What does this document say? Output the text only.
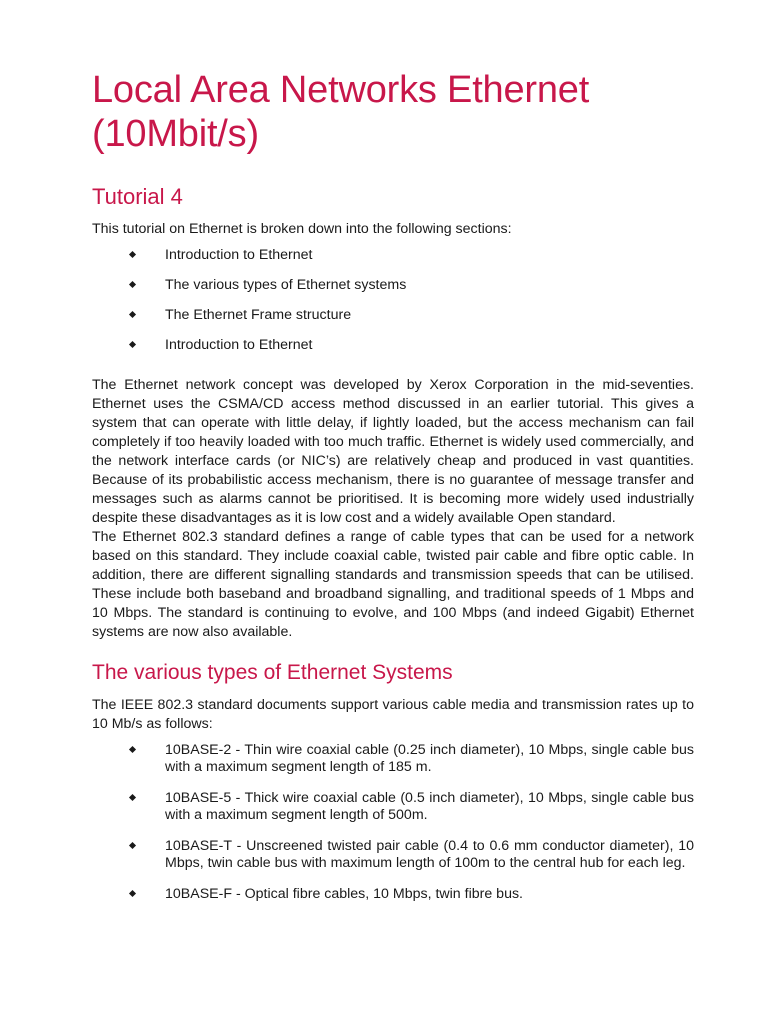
Local Area Networks Ethernet
(10Mbit/s)
Tutorial 4

This tutorial on Ethernet is broken down into the following sections:

Introduction to Ethernet
The various types of Ethernet systems
The Ethernet Frame structure
Introduction to Ethernet

The Ethernet network concept was developed by Xerox Corporation in the mid-seventies. Ethernet uses the CSMA/CD access method discussed in an earlier tutorial. This gives a system that can operate with little delay, if lightly loaded, but the access mechanism can fail completely if too heavily loaded with too much traffic. Ethernet is widely used commercially, and the network interface cards (or NIC’s) are relatively cheap and produced in vast quantities. Because of its probabilistic access mechanism, there is no guarantee of message transfer and messages such as alarms cannot be prioritised. It is becoming more widely used industrially despite these disadvantages as it is low cost and a widely available Open standard.

The Ethernet 802.3 standard defines a range of cable types that can be used for a network based on this standard. They include coaxial cable, twisted pair cable and fibre optic cable. In addition, there are different signalling standards and transmission speeds that can be utilised. These include both baseband and broadband signalling, and traditional speeds of 1 Mbps and 10 Mbps. The standard is continuing to evolve, and 100 Mbps (and indeed Gigabit) Ethernet systems are now also available.

The various types of Ethernet Systems

The IEEE 802.3 standard documents support various cable media and transmission rates up to 10 Mb/s as follows:

10BASE-2 - Thin wire coaxial cable (0.25 inch diameter), 10 Mbps, single cable bus with a maximum segment length of 185 m.
10BASE-5 - Thick wire coaxial cable (0.5 inch diameter), 10 Mbps, single cable bus with a maximum segment length of 500m.
10BASE-T - Unscreened twisted pair cable (0.4 to 0.6 mm conductor diameter), 10 Mbps, twin cable bus with maximum length of 100m to the central hub for each leg.
10BASE-F - Optical fibre cables, 10 Mbps, twin fibre bus.
